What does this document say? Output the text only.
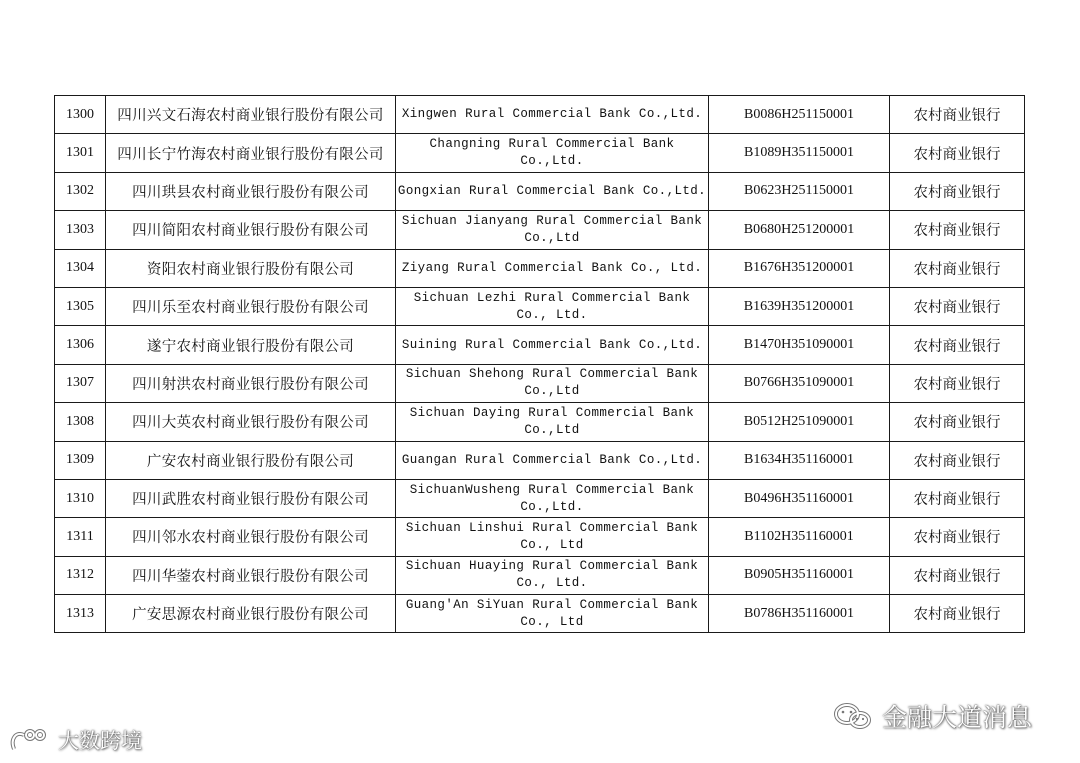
1300	四川兴文石海农村商业银行股份有限公司	Xingwen Rural Commercial Bank Co.,Ltd.	B0086H251150001	农村商业银行
1301	四川长宁竹海农村商业银行股份有限公司	Changning Rural Commercial Bank Co.,Ltd.	B1089H351150001	农村商业银行
1302	四川珙县农村商业银行股份有限公司	Gongxian Rural Commercial Bank Co.,Ltd.	B0623H251150001	农村商业银行
1303	四川简阳农村商业银行股份有限公司	Sichuan Jianyang Rural Commercial Bank Co.,Ltd	B0680H251200001	农村商业银行
1304	资阳农村商业银行股份有限公司	Ziyang Rural Commercial Bank Co., Ltd.	B1676H351200001	农村商业银行
1305	四川乐至农村商业银行股份有限公司	Sichuan Lezhi Rural Commercial Bank Co., Ltd.	B1639H351200001	农村商业银行
1306	遂宁农村商业银行股份有限公司	Suining Rural Commercial Bank Co.,Ltd.	B1470H351090001	农村商业银行
1307	四川射洪农村商业银行股份有限公司	Sichuan Shehong Rural Commercial Bank Co.,Ltd	B0766H351090001	农村商业银行
1308	四川大英农村商业银行股份有限公司	Sichuan Daying Rural Commercial Bank Co.,Ltd	B0512H251090001	农村商业银行
1309	广安农村商业银行股份有限公司	Guangan Rural Commercial Bank Co.,Ltd.	B1634H351160001	农村商业银行
1310	四川武胜农村商业银行股份有限公司	SichuanWusheng Rural Commercial Bank Co.,Ltd.	B0496H351160001	农村商业银行
1311	四川邻水农村商业银行股份有限公司	Sichuan Linshui Rural Commercial Bank Co., Ltd	B1102H351160001	农村商业银行
1312	四川华蓥农村商业银行股份有限公司	Sichuan Huaying Rural Commercial Bank Co., Ltd.	B0905H351160001	农村商业银行
1313	广安思源农村商业银行股份有限公司	Guang'An SiYuan Rural Commercial Bank Co., Ltd	B0786H351160001	农村商业银行
金融大道消息
大数跨境
